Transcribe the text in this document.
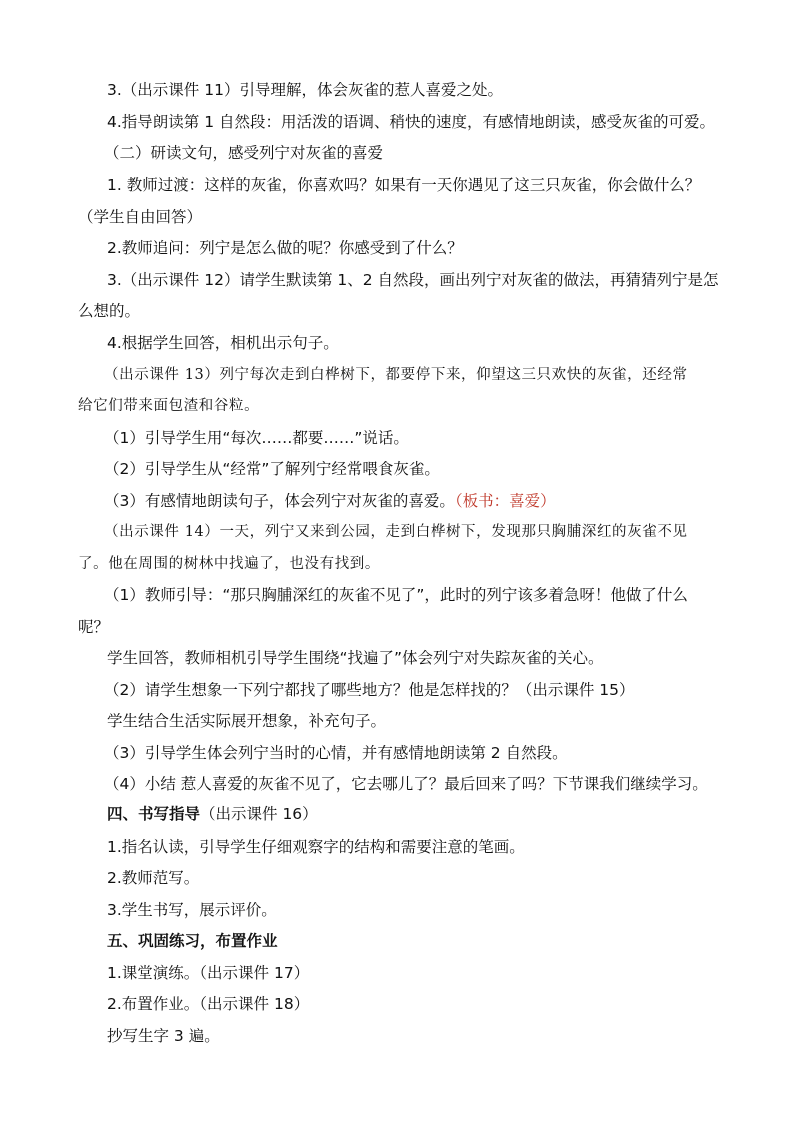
3.（出示课件 11）引导理解，体会灰雀的惹人喜爱之处。

4.指导朗读第 1 自然段：用活泼的语调、稍快的速度，有感情地朗读，感受灰雀的可爱。

（二）研读文句，感受列宁对灰雀的喜爱

1. 教师过渡：这样的灰雀，你喜欢吗？如果有一天你遇见了这三只灰雀，你会做什么？

（学生自由回答）

2.教师追问：列宁是怎么做的呢？你感受到了什么？

3.（出示课件 12）请学生默读第 1、2 自然段，画出列宁对灰雀的做法，再猜猜列宁是怎

么想的。

4.根据学生回答，相机出示句子。

（出示课件 13）列宁每次走到白桦树下，都要停下来，仰望这三只欢快的灰雀，还经常

给它们带来面包渣和谷粒。

（1）引导学生用“每次……都要……”说话。

（2）引导学生从“经常”了解列宁经常喂食灰雀。

（3）有感情地朗读句子，体会列宁对灰雀的喜爱。（板书：喜爱）

（出示课件 14）一天，列宁又来到公园，走到白桦树下，发现那只胸脯深红的灰雀不见

了。他在周围的树林中找遍了，也没有找到。

（1）教师引导：“那只胸脯深红的灰雀不见了”，此时的列宁该多着急呀！他做了什么

呢？

学生回答，教师相机引导学生围绕“找遍了”体会列宁对失踪灰雀的关心。

（2）请学生想象一下列宁都找了哪些地方？他是怎样找的？（出示课件 15）

学生结合生活实际展开想象，补充句子。

（3）引导学生体会列宁当时的心情，并有感情地朗读第 2 自然段。

（4）小结 惹人喜爱的灰雀不见了，它去哪儿了？最后回来了吗？下节课我们继续学习。

四、书写指导（出示课件 16）

1.指名认读，引导学生仔细观察字的结构和需要注意的笔画。

2.教师范写。

3.学生书写，展示评价。

五、巩固练习，布置作业

1.课堂演练。（出示课件 17）

2.布置作业。（出示课件 18）

抄写生字 3 遍。
